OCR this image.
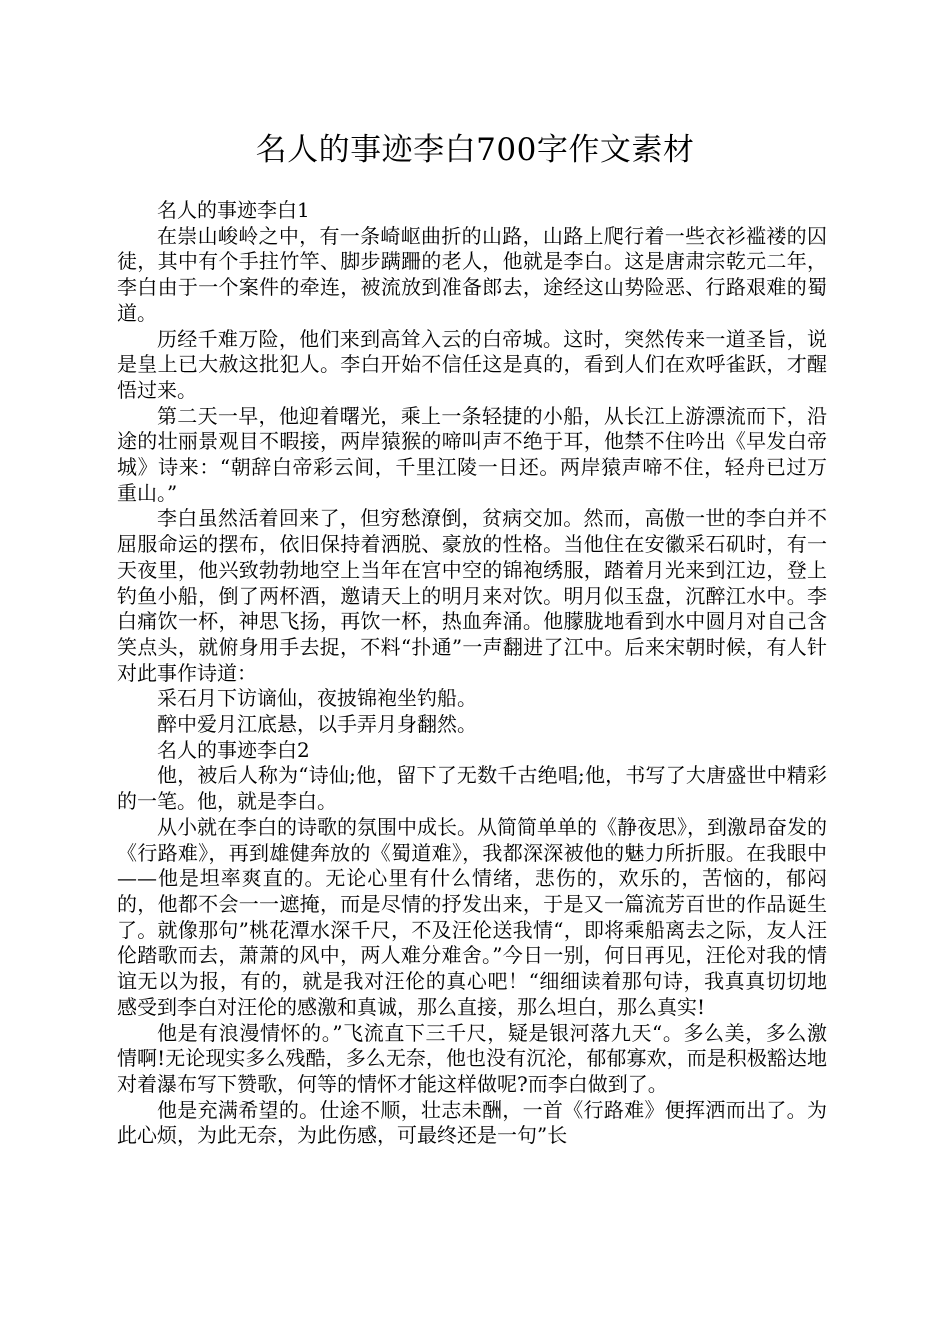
名人的事迹李白700字作文素材

名人的事迹李白1

在崇山峻岭之中，有一条崎岖曲折的山路，山路上爬行着一些衣衫褴褛的囚徒，其中有个手拄竹竿、脚步蹒跚的老人，他就是李白。这是唐肃宗乾元二年，李白由于一个案件的牵连，被流放到准备郎去，途经这山势险恶、行路艰难的蜀道。

历经千难万险，他们来到高耸入云的白帝城。这时，突然传来一道圣旨，说是皇上已大赦这批犯人。李白开始不信任这是真的，看到人们在欢呼雀跃，才醒悟过来。

第二天一早，他迎着曙光，乘上一条轻捷的小船，从长江上游漂流而下，沿途的壮丽景观目不暇接，两岸猿猴的啼叫声不绝于耳，他禁不住吟出《早发白帝城》诗来：“朝辞白帝彩云间，千里江陵一日还。两岸猿声啼不住，轻舟已过万重山。”

李白虽然活着回来了，但穷愁潦倒，贫病交加。然而，高傲一世的李白并不屈服命运的摆布，依旧保持着洒脱、豪放的性格。当他住在安徽采石矶时，有一天夜里，他兴致勃勃地空上当年在宫中空的锦袍绣服，踏着月光来到江边，登上钓鱼小船，倒了两杯酒，邀请天上的明月来对饮。明月似玉盘，沉醉江水中。李白痛饮一杯，神思飞扬，再饮一杯，热血奔涌。他朦胧地看到水中圆月对自己含笑点头，就俯身用手去捉，不料“扑通”一声翻进了江中。后来宋朝时候，有人针对此事作诗道：

采石月下访谪仙，夜披锦袍坐钓船。

醉中爱月江底悬，以手弄月身翻然。

名人的事迹李白2

他，被后人称为“诗仙;他，留下了无数千古绝唱;他，书写了大唐盛世中精彩的一笔。他，就是李白。

从小就在李白的诗歌的氛围中成长。从简简单单的《静夜思》，到激昂奋发的《行路难》，再到雄健奔放的《蜀道难》，我都深深被他的魅力所折服。在我眼中——他是坦率爽直的。无论心里有什么情绪，悲伤的，欢乐的，苦恼的，郁闷的，他都不会一一遮掩，而是尽情的抒发出来，于是又一篇流芳百世的作品诞生了。就像那句”桃花潭水深千尺，不及汪伦送我情“，即将乘船离去之际，友人汪伦踏歌而去，萧萧的风中，两人难分难舍。”今日一别，何日再见，汪伦对我的情谊无以为报，有的，就是我对汪伦的真心吧！“细细读着那句诗，我真真切切地感受到李白对汪伦的感激和真诚，那么直接，那么坦白，那么真实!

他是有浪漫情怀的。”飞流直下三千尺，疑是银河落九天“。多么美，多么激情啊!无论现实多么残酷，多么无奈，他也没有沉沦，郁郁寡欢，而是积极豁达地对着瀑布写下赞歌，何等的情怀才能这样做呢?而李白做到了。

他是充满希望的。仕途不顺，壮志未酬，一首《行路难》便挥洒而出了。为此心烦，为此无奈，为此伤感，可最终还是一句”长
